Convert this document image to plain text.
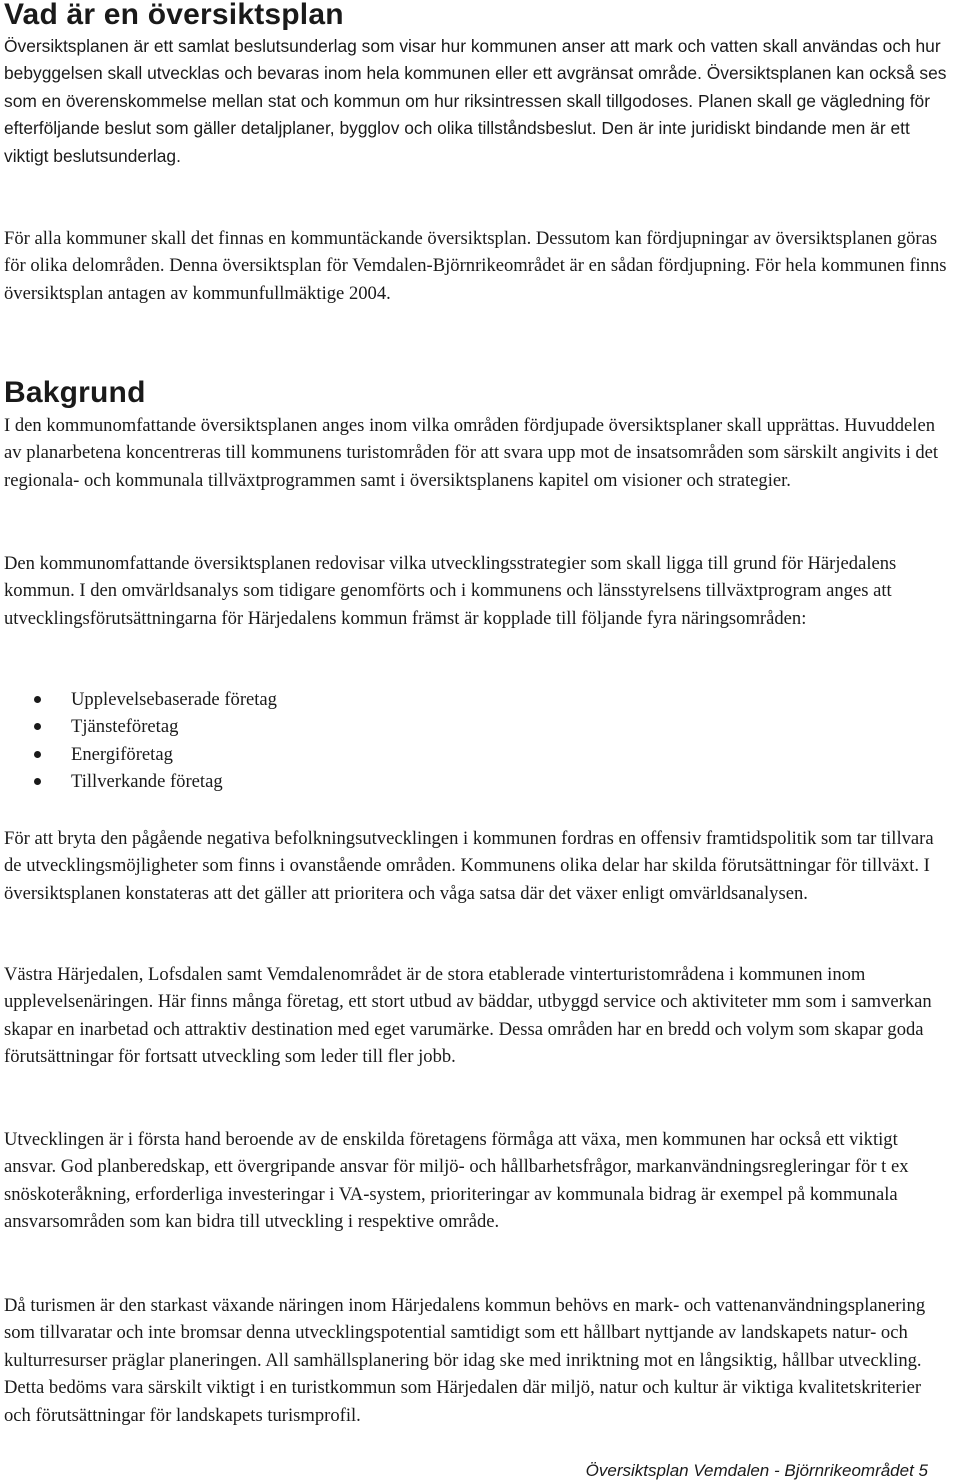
Vad är en översiktsplan

Översiktsplanen är ett samlat beslutsunderlag som visar hur kommunen anser att mark och vatten skall användas och hur bebyggelsen skall utvecklas och bevaras inom hela kommunen eller ett avgränsat område. Översiktsplanen kan också ses som en överenskommelse mellan stat och kommun om hur riksintressen skall tillgodoses. Planen skall ge vägledning för efterföljande beslut som gäller detaljplaner, bygglov och olika tillståndsbeslut. Den är inte juridiskt bindande men är ett viktigt beslutsunderlag.

För alla kommuner skall det finnas en kommuntäckande översiktsplan. Dessutom kan fördjupningar av översiktsplanen göras för olika delområden. Denna översiktsplan för Vemdalen-Björnrikeområdet är en sådan fördjupning. För hela kommunen finns översiktsplan antagen av kommunfullmäktige 2004.

Bakgrund

I den kommunomfattande översiktsplanen anges inom vilka områden fördjupade översiktsplaner skall upprättas. Huvuddelen av planarbetena koncentreras till kommunens turistområden för att svara upp mot de insatsområden som särskilt angivits i det regionala- och kommunala tillväxtprogrammen samt i översiktsplanens kapitel om visioner och strategier.

Den kommunomfattande översiktsplanen redovisar vilka utvecklingsstrategier som skall ligga till grund för Härjedalens kommun. I den omvärldsanalys som tidigare genomförts och i kommunens och länsstyrelsens tillväxtprogram anges att utvecklingsförutsättningarna för Härjedalens kommun främst är kopplade till följande fyra näringsområden:

Upplevelsebaserade företag
Tjänsteföretag
Energiföretag
Tillverkande företag

För att bryta den pågående negativa befolkningsutvecklingen i kommunen fordras en offensiv framtidspolitik som tar tillvara de utvecklingsmöjligheter som finns i ovanstående områden. Kommunens olika delar har skilda förutsättningar för tillväxt. I översiktsplanen konstateras att det gäller att prioritera och våga satsa där det växer enligt omvärldsanalysen.

Västra Härjedalen, Lofsdalen samt Vemdalenområdet är de stora etablerade vinterturistområdena i kommunen inom upplevelsenäringen. Här finns många företag, ett stort utbud av bäddar, utbyggd service och aktiviteter mm som i samverkan skapar en inarbetad och attraktiv destination med eget varumärke. Dessa områden har en bredd och volym som skapar goda förutsättningar för fortsatt utveckling som leder till fler jobb.

Utvecklingen är i första hand beroende av de enskilda företagens förmåga att växa, men kommunen har också ett viktigt ansvar. God planberedskap, ett övergripande ansvar för miljö- och hållbarhetsfrågor, markanvändningsregleringar för t ex snöskoteråkning, erforderliga investeringar i VA-system, prioriteringar av kommunala bidrag är exempel på kommunala ansvarsområden som kan bidra till utveckling i respektive område.

Då turismen är den starkast växande näringen inom Härjedalens kommun behövs en mark- och vattenanvändningsplanering som tillvaratar och inte bromsar denna utvecklingspotential samtidigt som ett hållbart nyttjande av landskapets natur- och kulturresurser präglar planeringen. All samhällsplanering bör idag ske med inriktning mot en långsiktig, hållbar utveckling. Detta bedöms vara särskilt viktigt i en turistkommun som Härjedalen där miljö, natur och kultur är viktiga kvalitetskriterier och förutsättningar för landskapets turismprofil.

Översiktsplan Vemdalen - Björnrikeområdet 5
